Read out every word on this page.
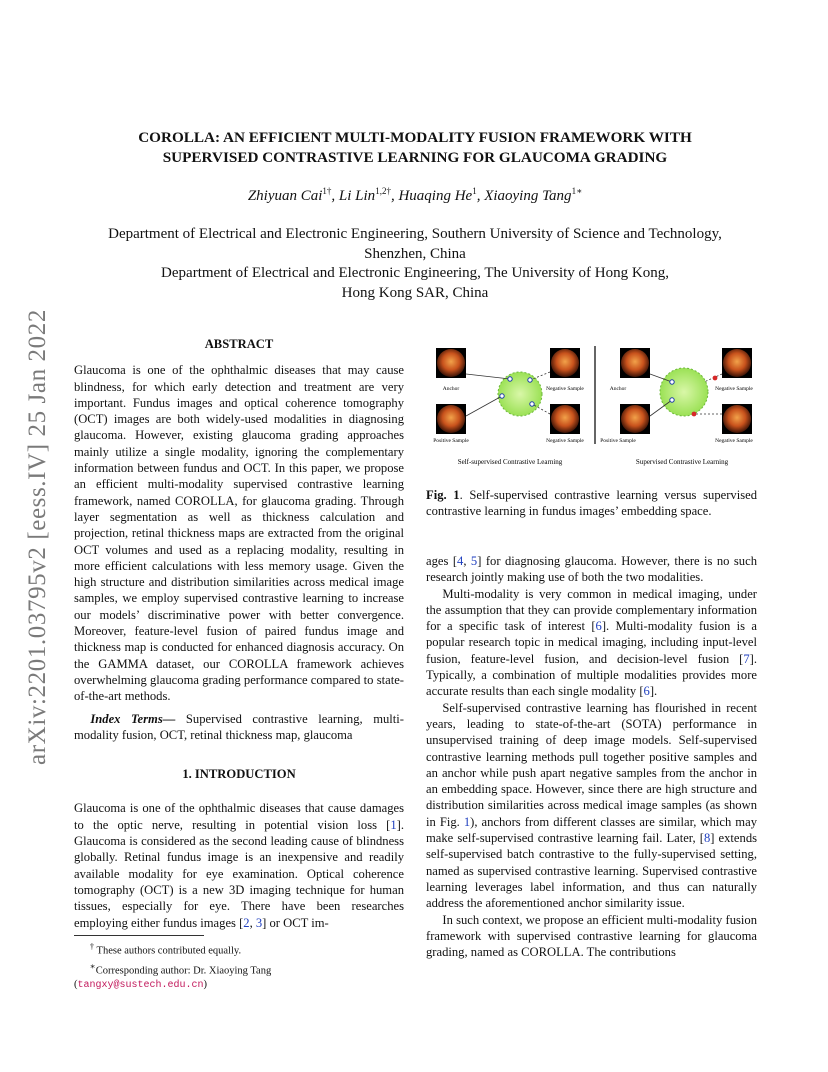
arXiv:2201.03795v2 [eess.IV] 25 Jan 2022
COROLLA: AN EFFICIENT MULTI-MODALITY FUSION FRAMEWORK WITH
SUPERVISED CONTRASTIVE LEARNING FOR GLAUCOMA GRADING
Zhiyuan Cai$^{1\dagger}$, Li Lin$^{1,2\dagger}$, Huaqing He$^1$, Xiaoying Tang$^{1∗}$
Department of Electrical and Electronic Engineering, Southern University of Science and Technology,
Shenzhen, China
Department of Electrical and Electronic Engineering, The University of Hong Kong,
Hong Kong SAR, China
ABSTRACT

Glaucoma is one of the ophthalmic diseases that may cause blindness, for which early detection and treatment are very important. Fundus images and optical coherence tomography (OCT) images are both widely-used modalities in diagnosing glaucoma. However, existing glaucoma grading approaches mainly utilize a single modality, ignoring the complementary information between fundus and OCT. In this paper, we propose an efficient multi-modality supervised contrastive learning framework, named COROLLA, for glaucoma grading. Through layer segmentation as well as thickness calculation and projection, retinal thickness maps are extracted from the original OCT volumes and used as a replacing modality, resulting in more efficient calculations with less memory usage. Given the high structure and distribution similarities across medical image samples, we employ supervised contrastive learning to increase our models’ discriminative power with better convergence. Moreover, feature-level fusion of paired fundus image and thickness map is conducted for enhanced diagnosis accuracy. On the GAMMA dataset, our COROLLA framework achieves overwhelming glaucoma grading performance compared to state-of-the-art methods.

Index Terms— Supervised contrastive learning, multi-modality fusion, OCT, retinal thickness map, glaucoma

1. INTRODUCTION

Glaucoma is one of the ophthalmic diseases that cause damages to the optic nerve, resulting in potential vision loss [1]. Glaucoma is considered as the second leading cause of blindness globally. Retinal fundus image is an inexpensive and readily available modality for eye examination. Optical coherence tomography (OCT) is a new 3D imaging technique for human tissues, especially for eye. There have been researches employing either fundus images [2, 3] or OCT im-

Anchor	Negative Sample
Positive Sample	Negative Sample
Self-supervised Contrastive Learning
Anchor	Negative Sample
Positive Sample	Negative Sample
Supervised Contrastive Learning
Fig. 1. Self-supervised contrastive learning versus supervised contrastive learning in fundus images’ embedding space.

ages [4, 5] for diagnosing glaucoma. However, there is no such research jointly making use of both the two modalities.

Multi-modality is very common in medical imaging, under the assumption that they can provide complementary information for a specific task of interest [6]. Multi-modality fusion is a popular research topic in medical imaging, including input-level fusion, feature-level fusion, and decision-level fusion [7]. Typically, a combination of multiple modalities provides more accurate results than each single modality [6].

Self-supervised contrastive learning has flourished in recent years, leading to state-of-the-art (SOTA) performance in unsupervised training of deep image models. Self-supervised contrastive learning methods pull together positive samples and an anchor while push apart negative samples from the anchor in an embedding space. However, since there are high structure and distribution similarities across medical image samples (as shown in Fig. 1), anchors from different classes are similar, which may make self-supervised contrastive learning fail. Later, [8] extends self-supervised batch contrastive to the fully-supervised setting, named as supervised contrastive learning. Supervised contrastive learning leverages label information, and thus can naturally address the aforementioned anchor similarity issue.

In such context, we propose an efficient multi-modality fusion framework with supervised contrastive learning for glaucoma grading, named as COROLLA. The contributions

† These authors contributed equally.
∗Corresponding author: Dr. Xiaoying Tang (tangxy@sustech.edu.cn)
